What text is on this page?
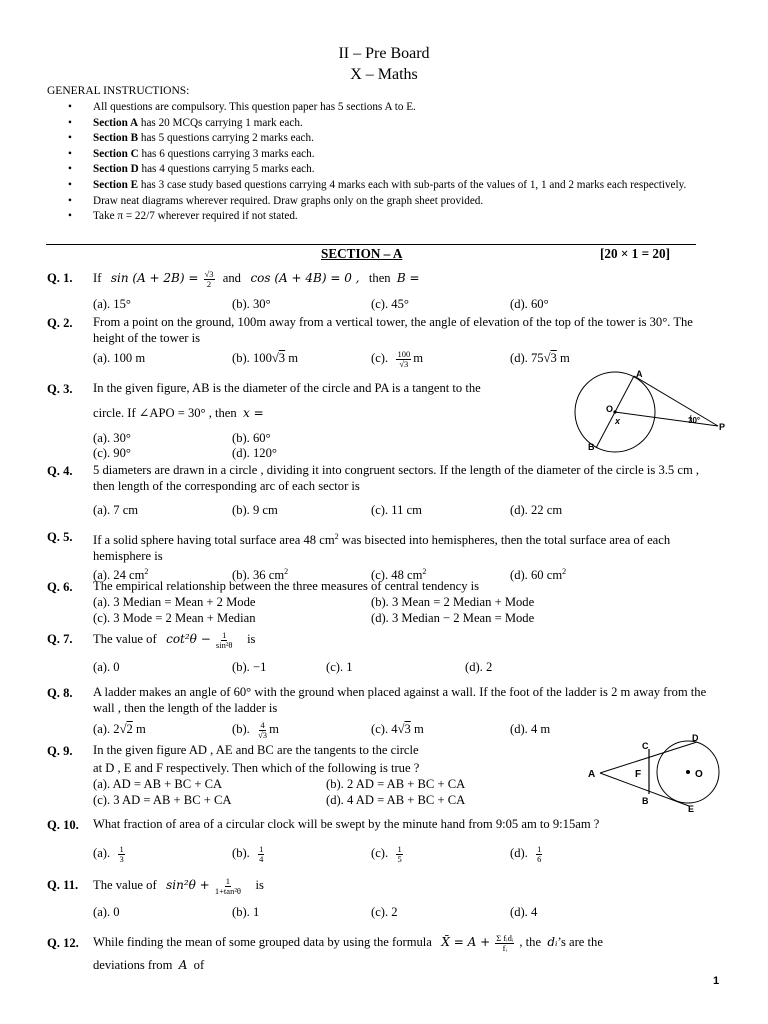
II – Pre Board
X – Maths
GENERAL INSTRUCTIONS:
• All questions are compulsory. This question paper has 5 sections A to E.
• Section A has 20 MCQs carrying 1 mark each.
• Section B has 5 questions carrying 2 marks each.
• Section C has 6 questions carrying 3 marks each.
• Section D has 4 questions carrying 5 marks each.
• Section E has 3 case study based questions carrying 4 marks each with sub-parts of the values of 1, 1 and 2 marks each respectively.
• Draw neat diagrams wherever required. Draw graphs only on the graph sheet provided.
• Take π = 22/7 wherever required if not stated.
SECTION – A	[20 × 1 = 20]
Q. 1. If $\sin (A + 2B) = \frac{√3}{2}$ and cos (A + 4B) = 0 , then B =
(a). 15°	(b). 30°	(c). 45°	(d). 60°
Q. 2. From a point on the ground, 100m away from a vertical tower, the angle of elevation of the top of the tower is 30°. The height of the tower is
(a). 100 m	(b). 100√3 m	(c). $\frac{100}{√3}$ m	(d). 75√3 m
Q. 3. In the given figure, AB is the diameter of the circle and PA is a tangent to the
circle. If ∠APO = 30° , then x =
(a). 30°	(b). 60°
(c). 90°	(d). 120°
A
O
x	30°
B
P
Q. 4. 5 diameters are drawn in a circle , dividing it into congruent sectors. If the length of the diameter of the circle is 3.5 cm , then length of the corresponding arc of each sector is
(a). 7 cm	(b). 9 cm	(c). 11 cm	(d). 22 cm
Q. 5. If a solid sphere having total surface area 48 $cm^2$ was bisected into hemispheres, then the total surface area of each hemisphere is
(a). 24 $cm^2$	(b). 36 $cm^2$	(c). 48 $cm^2$	(d). 60 $cm^2$
Q. 6. The empirical relationship between the three measures of central tendency is
(a). 3 Median = Mean + 2 Mode	(b). 3 Mean = 2 Median + Mode
(c). 3 Mode = 2 Mean + Median	(d). 3 Median − 2 Mean = Mode
Q. 7. The value of $\cot^2\theta - \frac{1}{\text{sin²θ}}$ is
(a). 0	(b). −1	(c). 1	(d). 2
Q. 8. A ladder makes an angle of 60° with the ground when placed against a wall. If the foot of the ladder is 2 m away from the wall , then the length of the ladder is
(a). 2√2 m	(b). $\frac{4}{√3}$ m	(c). 4√3 m	(d). 4 m
Q. 9. In the given figure AD , AE and BC are the tangents to the circle
at D , E and F respectively. Then which of the following is true ?
(a). AD = AB + BC + CA	(b). 2 AD = AB + BC + CA
(c). 3 AD = AB + BC + CA	(d). 4 AD = AB + BC + CA
A
C
D
F	O
B
E
Q. 10. What fraction of area of a circular clock will be swept by the minute hand from 9:05 am to 9:15am ?
(a). $\frac{1}{3}$	(b). $\frac{1}{4}$	(c). $\frac{1}{5}$	(d). $\frac{1}{6}$
Q. 11. The value of $\sin^2\theta + \frac{1}{\text{1+tan²θ}}$ is
(a). 0	(b). 1	(c). 2	(d). 4
Q. 12. While finding the mean of some grouped data by using the formula X̄ = $A + \frac{\text{Σ fᵢdᵢ}}{\text{fᵢ}}$ , the dᵢ’s are the
deviations from A of
1
